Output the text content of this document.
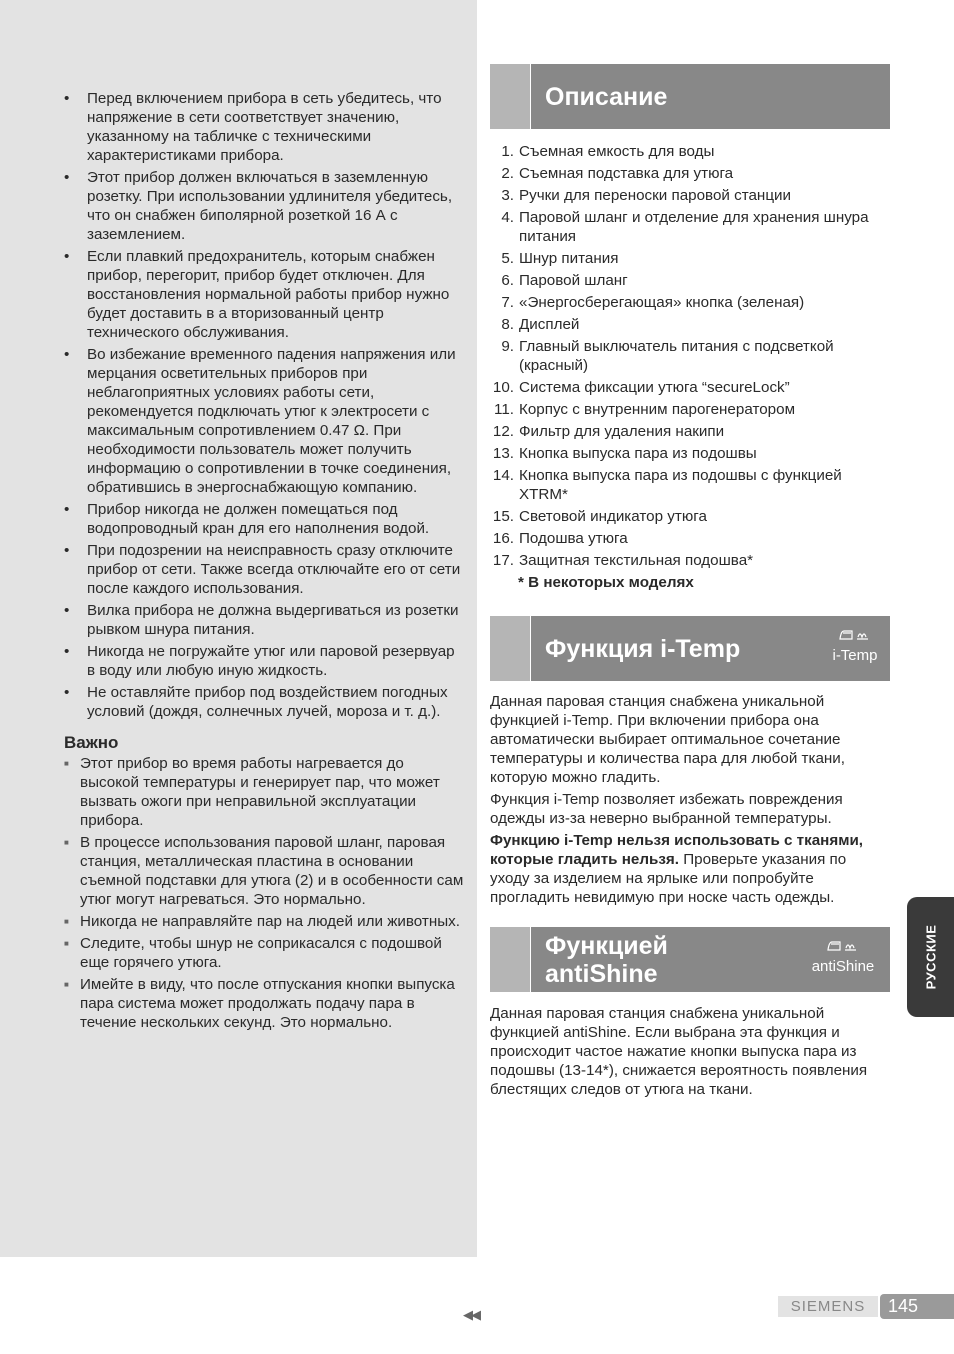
• Перед включением прибора в сеть убедитесь, что напряжение в сети соответствует значению, указанному на табличке с техническими характеристиками прибора.
• Этот прибор должен включаться в заземленную розетку. При использовании удлинителя убедитесь, что он снабжен биполярной розеткой 16 А с заземлением.
• Если плавкий предохранитель, которым снабжен прибор, перегорит, прибор будет отключен. Для восстановления нормальной работы прибор нужно будет доставить в а вторизованный центр технического обслуживания.
• Во избежание временного падения напряжения или мерцания осветительных приборов при неблагоприятных условиях работы сети, рекомендуется подключать утюг к электросети с максимальным сопротивлением 0.47 Ω. При необходимости пользователь может получить информацию о сопротивлении в точке соединения, обратившись в энергоснабжающую компанию.
• Прибор никогда не должен помещаться под водопроводный кран для его наполнения водой.
• При подозрении на неисправность сразу отключите прибор от сети. Также всегда отключайте его от сети после каждого использования.
• Вилка прибора не должна выдергиваться из розетки рывком шнура питания.
• Никогда не погружайте утюг или паровой резервуар в воду или любую иную жидкость.
• Не оставляйте прибор под воздействием погодных условий (дождя, солнечных лучей, мороза и т. д.).
Важно
■ Этот прибор во время работы нагревается до высокой температуры и генерирует пар, что может вызвать ожоги при неправильной эксплуатации прибора.
■ В процессе использования паровой шланг, паровая станция, металлическая пластина в основании съемной подставки для утюга (2) и в особенности сам утюг могут нагреваться. Это нормально.
■ Никогда не направляйте пар на людей или животных.
■ Следите, чтобы шнур не соприкасался с подошвой еще горячего утюга.
■ Имейте в виду, что после отпускания кнопки выпуска пара система может продолжать подачу пара в течение нескольких секунд. Это нормально.
Описание
1. Съемная емкость для воды
2. Съемная подставка для утюга
3. Ручки для переноски паровой станции
4. Паровой шланг и отделение для хранения шнура питания
5. Шнур питания
6. Паровой шланг
7. «Энергосберегающая» кнопка (зеленая)
8. Дисплей
9. Главный выключатель питания с подсветкой (красный)
10. Система фиксации утюга “secureLock”
11. Корпус с внутренним парогенератором
12. Фильтр для удаления накипи
13. Кнопка выпуска пара из подошвы
14. Кнопка выпуска пара из подошвы с функцией XTRM*
15. Световой индикатор утюга
16. Подошва утюга
17. Защитная текстильная подошва*
* В некоторых моделях
Функция i-Temp	i-Temp

Данная паровая станция снабжена уникальной функцией i-Temp. При включении прибора она автоматически выбирает оптимальное сочетание температуры и количества пара для любой ткани, которую можно гладить.

Функция i-Temp позволяет избежать повреждения одежды из-за неверно выбранной температуры.

Функцию i-Temp нельзя использовать с тканями, которые гладить нельзя. Проверьте указания по уходу за изделием на ярлыке или попробуйте прогладить невидимую при носке часть одежды.

Функцией
antiShine	antiShine

Данная паровая станция снабжена уникальной функцией antiShine. Если выбрана эта функция и происходит частое нажатие кнопки выпуска пара из подошвы (13-14*), снижается вероятность появления блестящих следов от утюга на ткани.

РУССКИЕ
◀◀	SIEMENS	145
